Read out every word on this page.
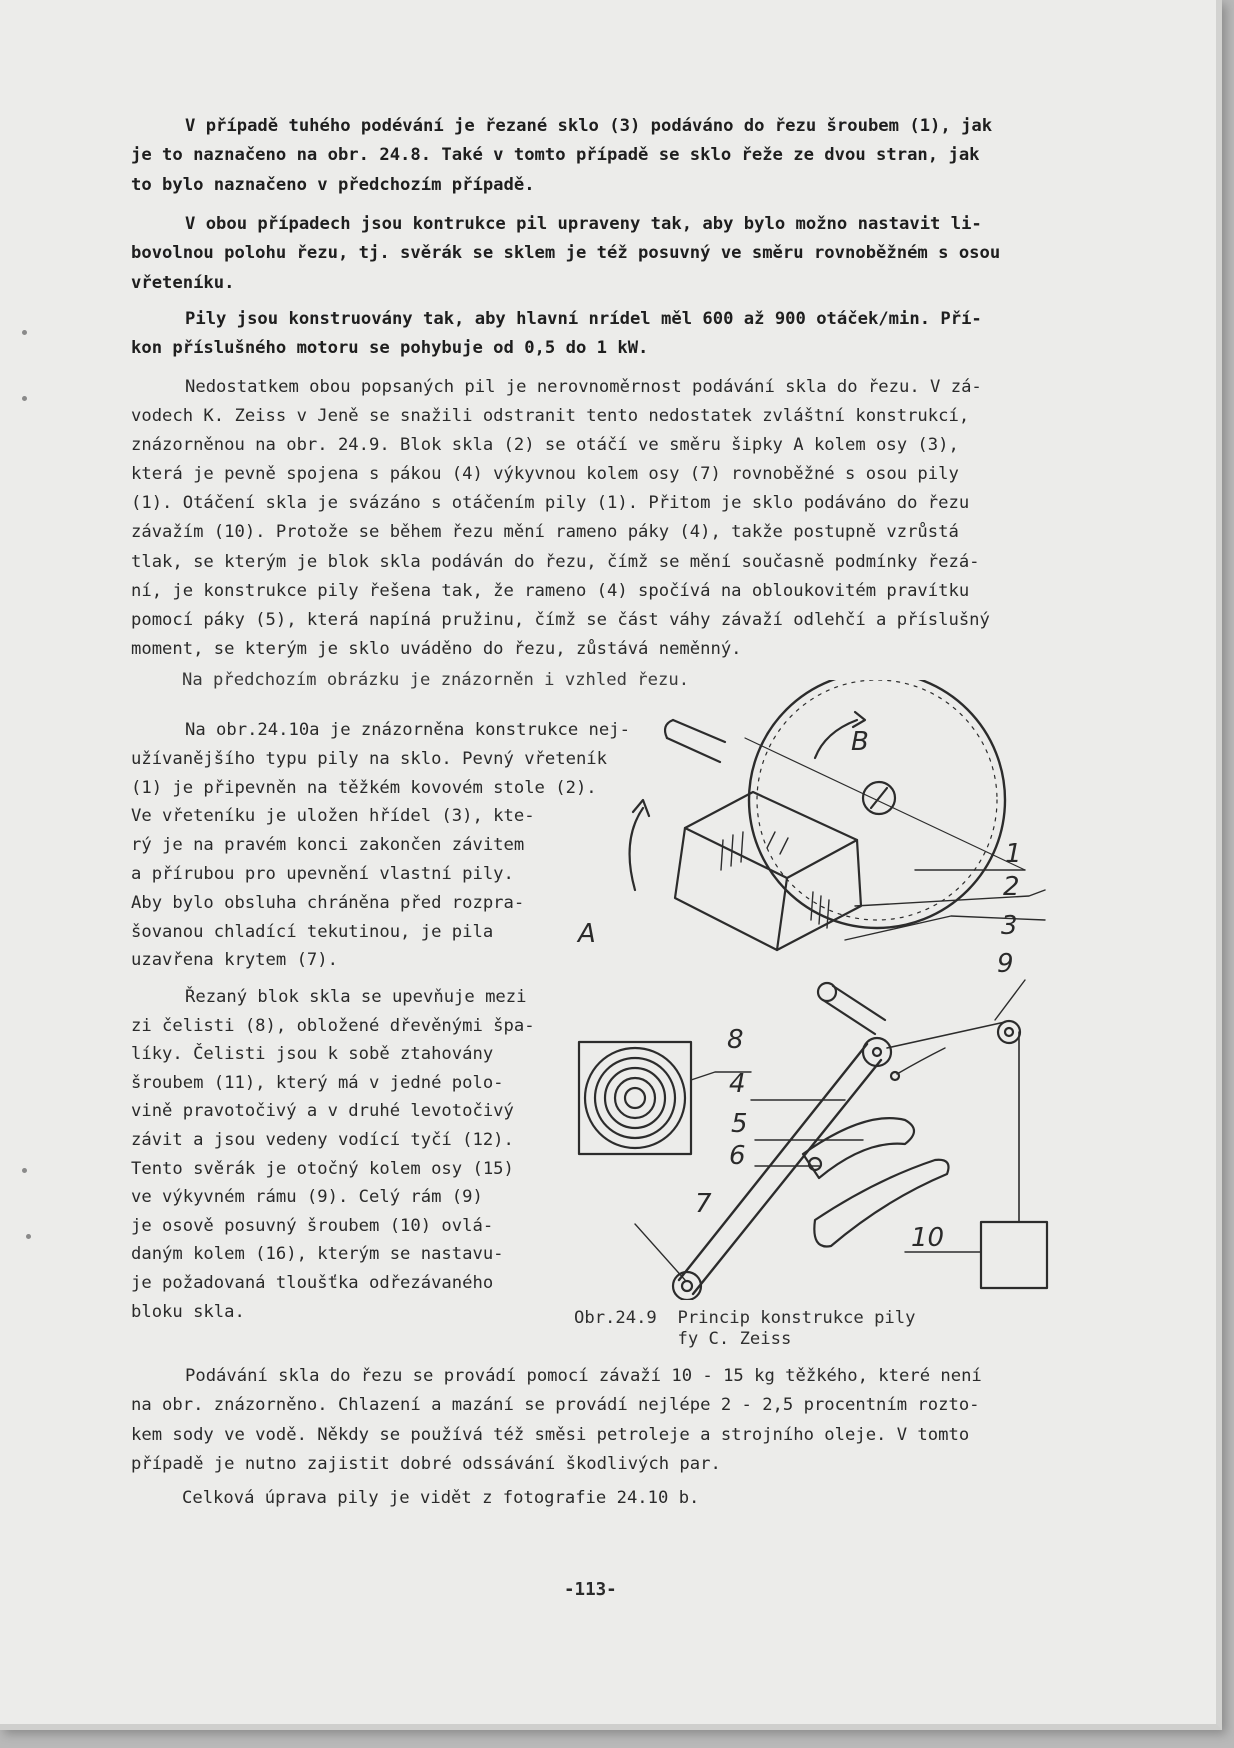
V případě tuhého podévání je řezané sklo (3) podáváno do řezu šroubem (1), jak
je to naznačeno na obr. 24.8. Také v tomto případě se sklo řeže ze dvou stran, jak
to bylo naznačeno v předchozím případě.

V obou případech jsou kontrukce pil upraveny tak, aby bylo možno nastavit li-
bovolnou polohu řezu, tj. svěrák se sklem je též posuvný ve směru rovnoběžném s osou
vřeteníku.

Pily jsou konstruovány tak, aby hlavní nrídel měl 600 až 900 otáček/min. Pří-
kon příslušného motoru se pohybuje od 0,5 do 1 kW.

Nedostatkem obou popsaných pil je nerovnoměrnost podávání skla do řezu. V zá-
vodech K. Zeiss v Jeně se snažili odstranit tento nedostatek zvláštní konstrukcí,
znázorněnou na obr. 24.9. Blok skla (2) se otáčí ve směru šipky A kolem osy (3),
která je pevně spojena s pákou (4) výkyvnou kolem osy (7) rovnoběžné s osou pily
(1). Otáčení skla je svázáno s otáčením pily (1). Přitom je sklo podáváno do řezu
závažím (10). Protože se během řezu mění rameno páky (4), takže postupně vzrůstá
tlak, se kterým je blok skla podáván do řezu, čímž se mění současně podmínky řezá-
ní, je konstrukce pily řešena tak, že rameno (4) spočívá na obloukovitém pravítku
pomocí páky (5), která napíná pružinu, čímž se část váhy závaží odlehčí a příslušný
moment, se kterým je sklo uváděno do řezu, zůstává neměnný.

Na předchozím obrázku je znázorněn i vzhled řezu.

Na obr.24.10a je znázorněna konstrukce nej-
užívanějšího typu pily na sklo. Pevný vřeteník
(1) je připevněn na těžkém kovovém stole (2).
Ve vřeteníku je uložen hřídel (3), kte-
rý je na pravém konci zakončen závitem
a přírubou pro upevnění vlastní pily.
Aby bylo obsluha chráněna před rozpra-
šovanou chladící tekutinou, je pila
uzavřena krytem (7).

Řezaný blok skla se upevňuje mezi
zi čelisti (8), obložené dřevěnými špa-
líky. Čelisti jsou k sobě ztahovány
šroubem (11), který má v jedné polo-
vině pravotočivý a v druhé levotočivý
závit a jsou vedeny vodící tyčí (12).
Tento svěrák je otočný kolem osy (15)
ve výkyvném rámu (9). Celý rám (9)
je osově posuvný šroubem (10) ovlá-
daným kolem (16), kterým se nastavu-
je požadovaná tloušťka odřezávaného
bloku skla.

B
A
1
2
3
9
8
4
5
6
7
10
Obr.24.9  Princip konstrukce pily
fy C. Zeiss

Podávání skla do řezu se provádí pomocí závaží 10 - 15 kg těžkého, které není
na obr. znázorněno. Chlazení a mazání se provádí nejlépe 2 - 2,5 procentním rozto-
kem sody ve vodě. Někdy se používá též směsi petroleje a strojního oleje. V tomto
případě je nutno zajistit dobré odssávání škodlivých par.

Celková úprava pily je vidět z fotografie 24.10 b.

-113-
